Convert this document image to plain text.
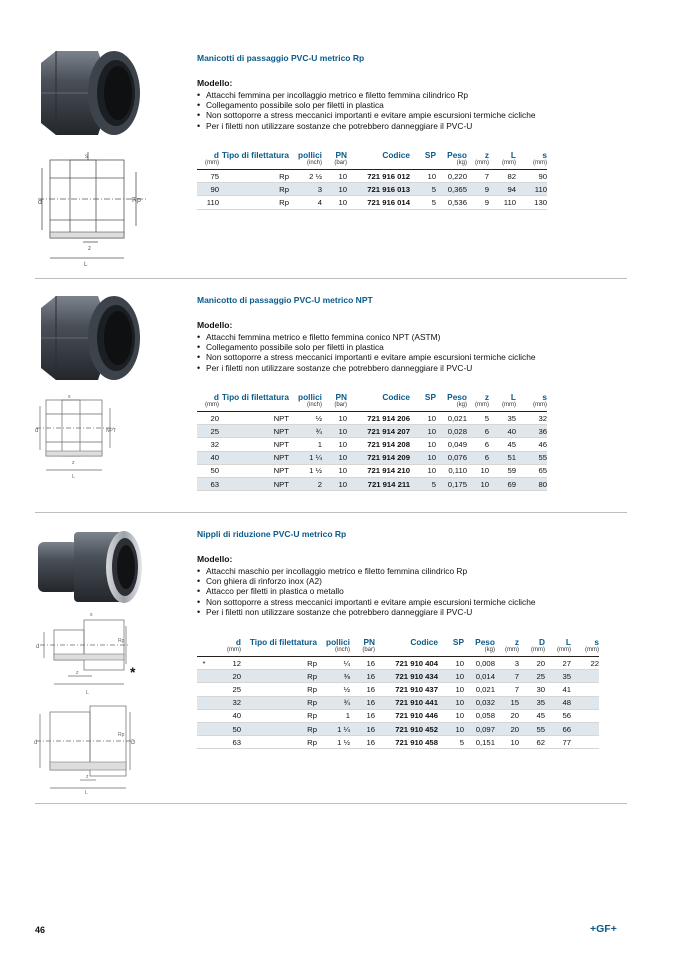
s
d	Rp
z
L
Manicotti di passaggio PVC-U metrico Rp
Modello:
• Attacchi femmina per incollaggio metrico e filetto femmina cilindrico Rp
• Collegamento possibile solo per filetti in plastica
• Non sottoporre a stress meccanici importanti e evitare ampie escursioni termiche cicliche
• Per i filetti non utilizzare sostanze che potrebbero danneggiare il PVC-U
d	Tipo di filettatura	pollici	PN	Codice	SP	Peso	z	L	s
(mm)		(inch)	(bar)			(kg)	(mm)	(mm)	(mm)
75	Rp	2 ½	10	721 916 012	10	0,220	7	82	90
90	Rp	3	10	721 916 013	5	0,365	9	94	110
110	Rp	4	10	721 916 014	5	0,536	9	110	130
s
d	NPT
z
L
Manicotto di passaggio PVC-U metrico NPT
Modello:
• Attacchi femmina metrico e filetto femmina conico NPT (ASTM)
• Collegamento possibile solo per filetti in plastica
• Non sottoporre a stress meccanici importanti e evitare ampie escursioni termiche cicliche
• Per i filetti non utilizzare sostanze che potrebbero danneggiare il PVC-U
d	Tipo di filettatura	pollici	PN	Codice	SP	Peso	z	L	s
(mm)		(inch)	(bar)			(kg)	(mm)	(mm)	(mm)
20	NPT	½	10	721 914 206	10	0,021	5	35	32
25	NPT	¾	10	721 914 207	10	0,028	6	40	36
32	NPT	1	10	721 914 208	10	0,049	6	45	46
40	NPT	1 ¼	10	721 914 209	10	0,076	6	51	55
50	NPT	1 ½	10	721 914 210	10	0,110	10	59	65
63	NPT	2	10	721 914 211	5	0,175	10	69	80
s
d
Rp
z
L
*
d
Rp
D
z
L
Nippli di riduzione PVC-U metrico Rp
Modello:
• Attacchi maschio per incollaggio metrico e filetto femmina cilindrico Rp
• Con ghiera di rinforzo inox (A2)
• Attacco per filetti in plastica o metallo
• Non sottoporre a stress meccanici importanti e evitare ampie escursioni termiche cicliche
• Per i filetti non utilizzare sostanze che potrebbero danneggiare il PVC-U
	d	Tipo di filettatura	pollici	PN	Codice	SP	Peso	z	D	L	s
	(mm)		(inch)	(bar)			(kg)	(mm)	(mm)	(mm)	(mm)
*	12	Rp	¼	16	721 910 404	10	0,008	3	20	27	22
	20	Rp	⅜	16	721 910 434	10	0,014	7	25	35	
	25	Rp	½	16	721 910 437	10	0,021	7	30	41	
	32	Rp	¾	16	721 910 441	10	0,032	15	35	48	
	40	Rp	1	16	721 910 446	10	0,058	20	45	56	
	50	Rp	1 ¼	16	721 910 452	10	0,097	20	55	66	
	63	Rp	1 ½	16	721 910 458	5	0,151	10	62	77	
46	+GF+
